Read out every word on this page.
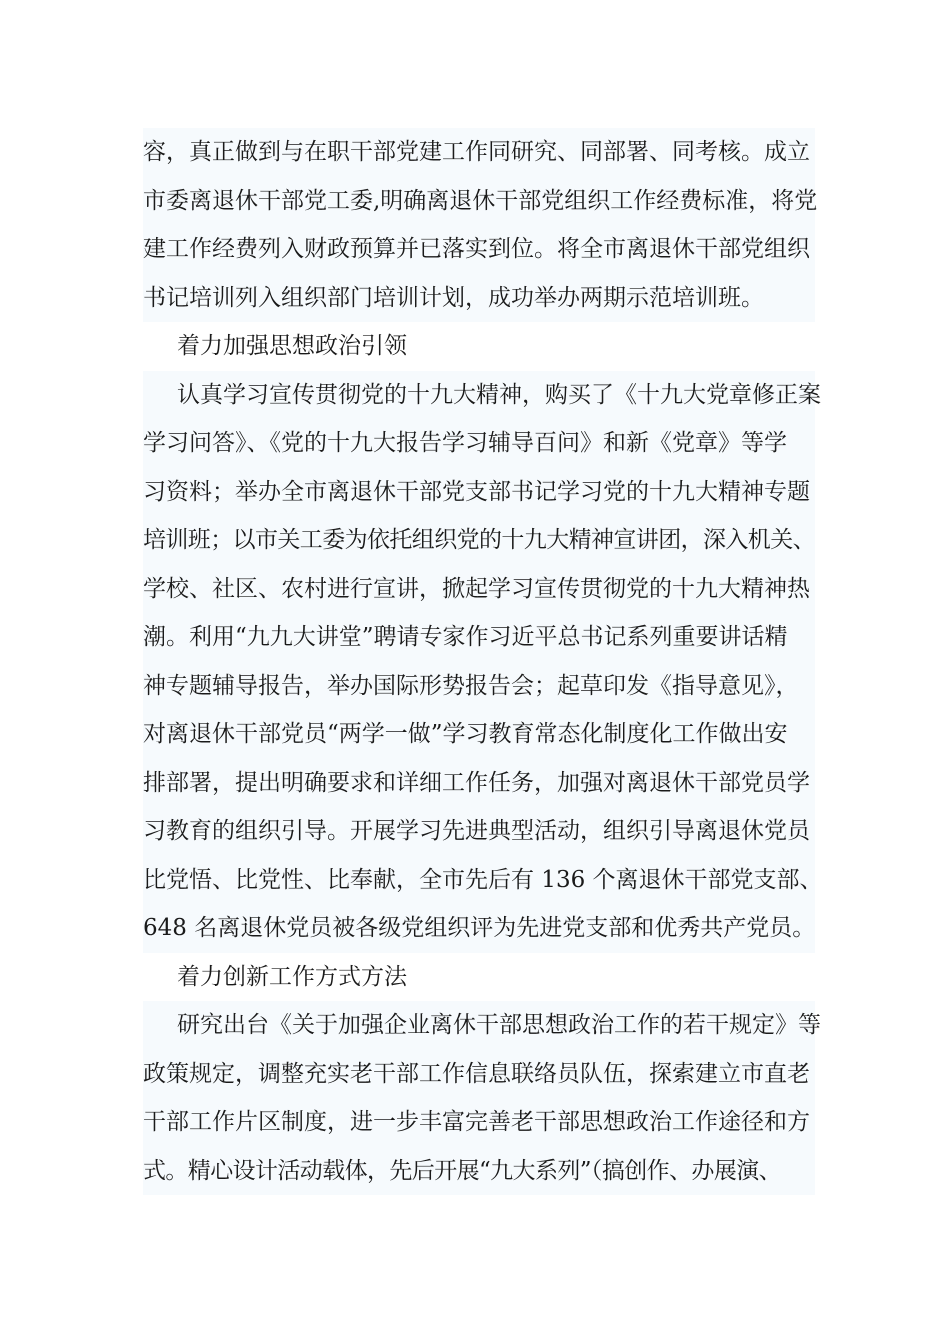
容，真正做到与在职干部党建工作同研究、同部署、同考核。成立
市委离退休干部党工委,明确离退休干部党组织工作经费标准，将党
建工作经费列入财政预算并已落实到位。将全市离退休干部党组织
书记培训列入组织部门培训计划，成功举办两期示范培训班。
着力加强思想政治引领
认真学习宣传贯彻党的十九大精神，购买了《十九大党章修正案
学习问答》、《党的十九大报告学习辅导百问》和新《党章》等学
习资料；举办全市离退休干部党支部书记学习党的十九大精神专题
培训班；以市关工委为依托组织党的十九大精神宣讲团，深入机关、
学校、社区、农村进行宣讲，掀起学习宣传贯彻党的十九大精神热
潮。利用“九九大讲堂”聘请专家作习近平总书记系列重要讲话精
神专题辅导报告，举办国际形势报告会；起草印发《指导意见》，
对离退休干部党员“两学一做”学习教育常态化制度化工作做出安
排部署，提出明确要求和详细工作任务，加强对离退休干部党员学
习教育的组织引导。开展学习先进典型活动，组织引导离退休党员
比党悟、比党性、比奉献，全市先后有 136 个离退休干部党支部、
648 名离退休党员被各级党组织评为先进党支部和优秀共产党员。
着力创新工作方式方法
研究出台《关于加强企业离休干部思想政治工作的若干规定》等
政策规定，调整充实老干部工作信息联络员队伍，探索建立市直老
干部工作片区制度，进一步丰富完善老干部思想政治工作途径和方
式。精心设计活动载体，先后开展“九大系列”（搞创作、办展演、
